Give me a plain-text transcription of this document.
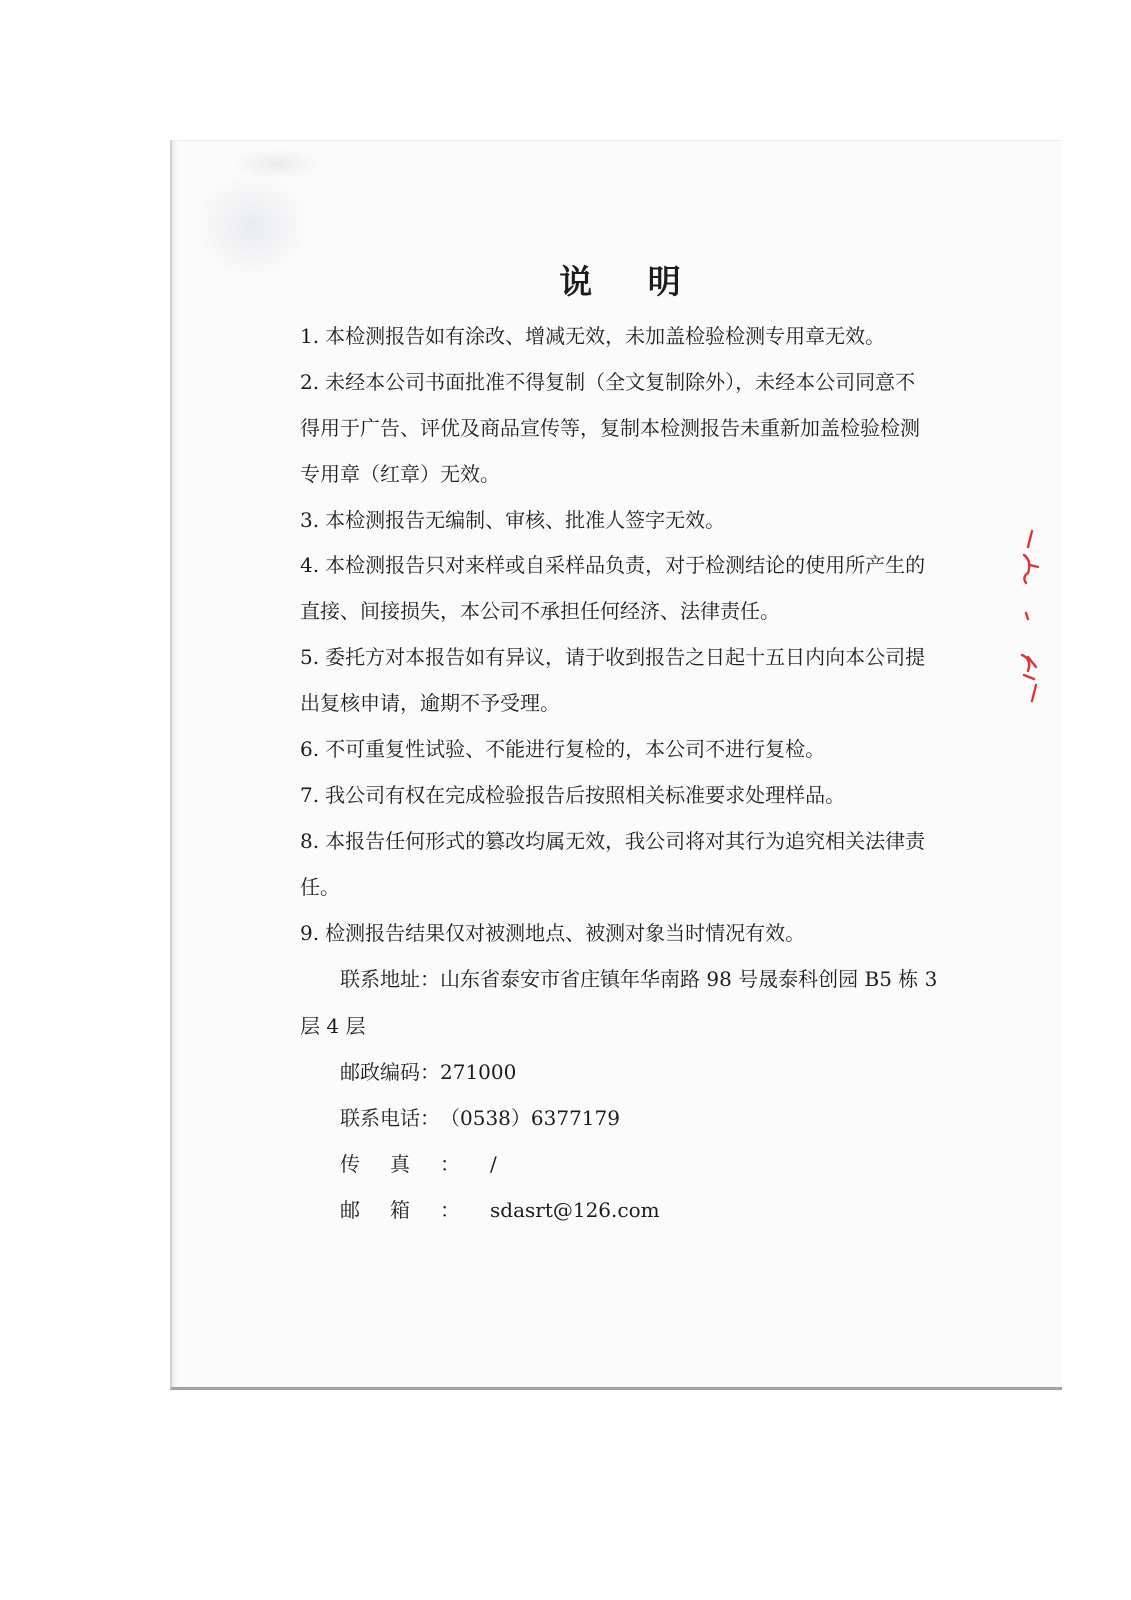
说 明
1. 本检测报告如有涂改、增减无效，未加盖检验检测专用章无效。
2. 未经本公司书面批准不得复制（全文复制除外），未经本公司同意不
得用于广告、评优及商品宣传等，复制本检测报告未重新加盖检验检测
专用章（红章）无效。
3. 本检测报告无编制、审核、批准人签字无效。
4. 本检测报告只对来样或自采样品负责，对于检测结论的使用所产生的
直接、间接损失，本公司不承担任何经济、法律责任。
5. 委托方对本报告如有异议，请于收到报告之日起十五日内向本公司提
出复核申请，逾期不予受理。
6. 不可重复性试验、不能进行复检的，本公司不进行复检。
7. 我公司有权在完成检验报告后按照相关标准要求处理样品。
8. 本报告任何形式的篡改均属无效，我公司将对其行为追究相关法律责
任。
9. 检测报告结果仅对被测地点、被测对象当时情况有效。
联系地址：山东省泰安市省庄镇年华南路 98 号晟泰科创园 B5 栋 3
层 4 层
邮政编码：271000
联系电话：（0538）6377179
传真：/
邮箱：sdasrt@126.com
